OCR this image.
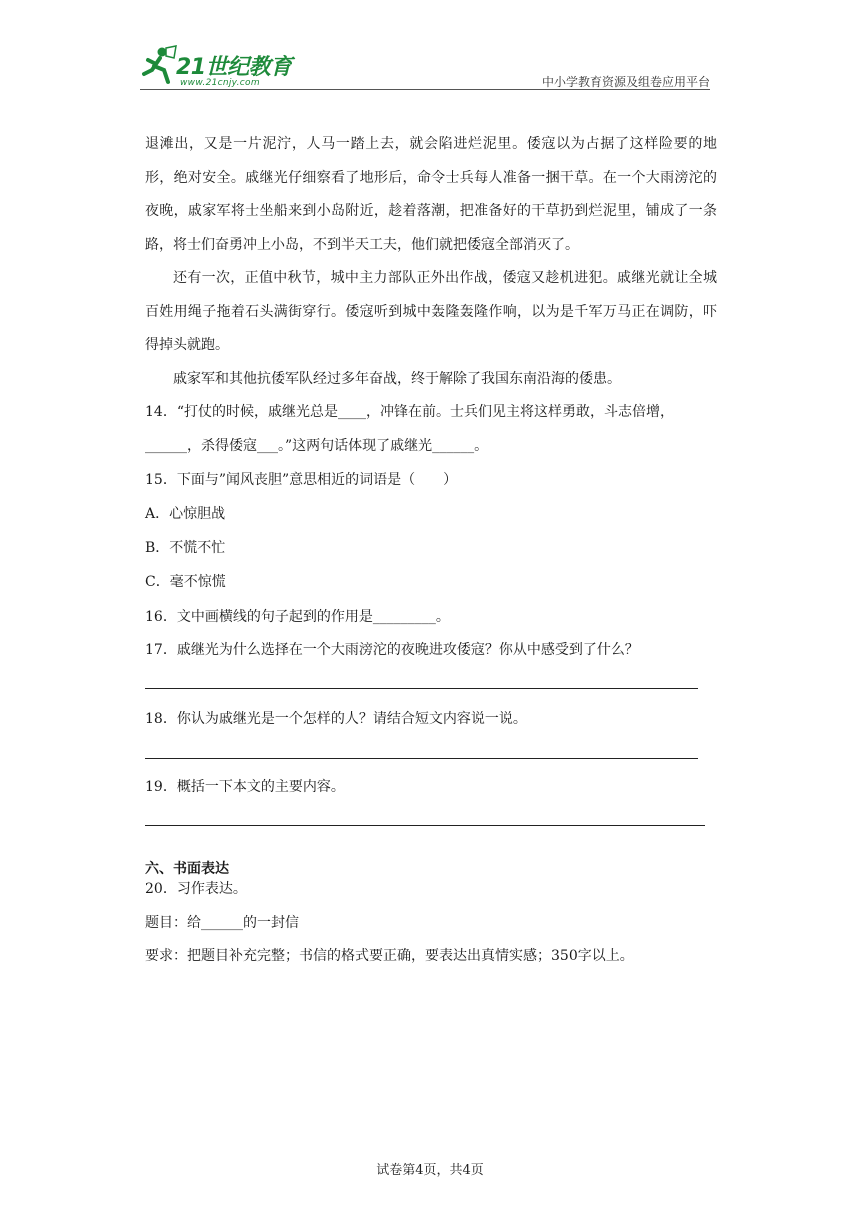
21世纪教育
www.21cnjy.com	中小学教育资源及组卷应用平台

退滩出，又是一片泥泞，人马一踏上去，就会陷进烂泥里。倭寇以为占据了这样险要的地形，绝对安全。戚继光仔细察看了地形后，命令士兵每人准备一捆干草。在一个大雨滂沱的夜晚，戚家军将士坐船来到小岛附近，趁着落潮，把准备好的干草扔到烂泥里，铺成了一条路，将士们奋勇冲上小岛，不到半天工夫，他们就把倭寇全部消灭了。

还有一次，正值中秋节，城中主力部队正外出作战，倭寇又趁机进犯。戚继光就让全城百姓用绳子拖着石头满街穿行。倭寇听到城中轰隆轰隆作响，以为是千军万马正在调防，吓得掉头就跑。

戚家军和其他抗倭军队经过多年奋战，终于解除了我国东南沿海的倭患。

14．“打仗的时候，戚继光总是____，冲锋在前。士兵们见主将这样勇敢，斗志倍增，

______，杀得倭寇___。”这两句话体现了戚继光______。

15．下面与”闻风丧胆”意思相近的词语是（　　）

A．心惊胆战

B．不慌不忙

C．毫不惊慌

16．文中画横线的句子起到的作用是_________。

17．戚继光为什么选择在一个大雨滂沱的夜晚进攻倭寇？你从中感受到了什么？

18．你认为戚继光是一个怎样的人？请结合短文内容说一说。

19．概括一下本文的主要内容。

六、书面表达

20．习作表达。

题目：给______的一封信

要求：把题目补充完整；书信的格式要正确，要表达出真情实感；350字以上。

试卷第4页，共4页
